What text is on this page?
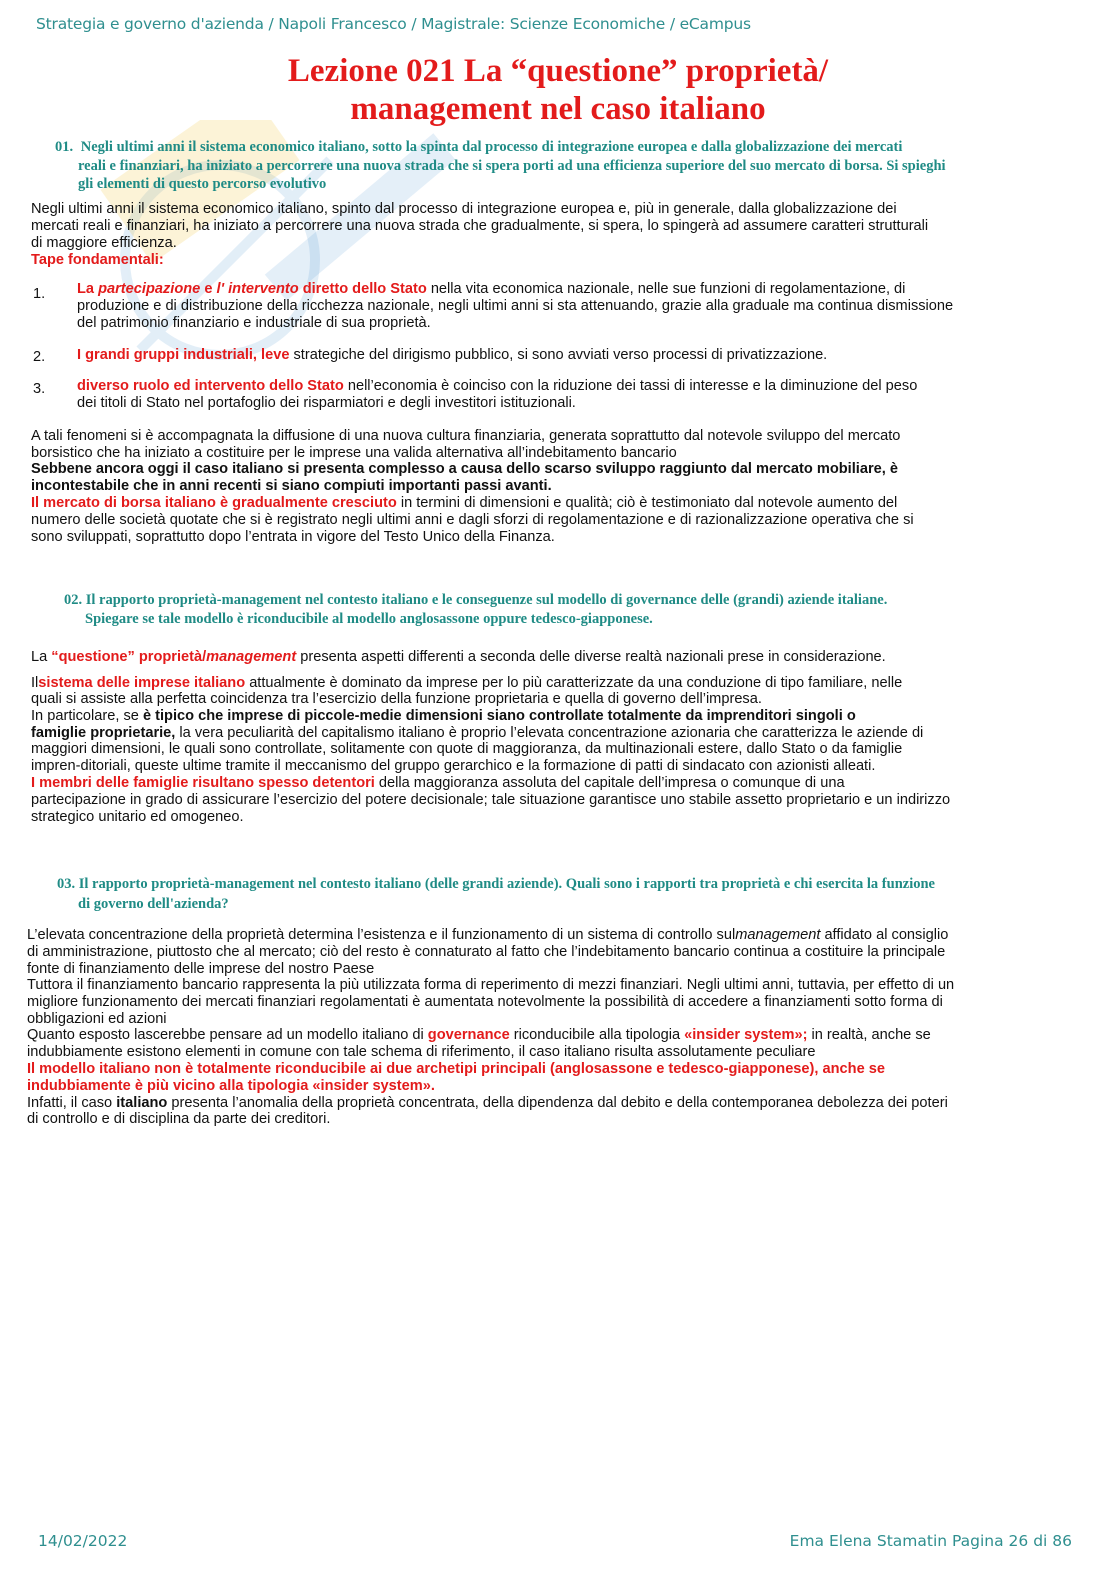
Strategia e governo d'azienda / Napoli Francesco / Magistrale: Scienze Economiche / eCampus
Lezione 021 La “questione” proprietà/
management nel caso italiano
01. Negli ultimi anni il sistema economico italiano, sotto la spinta dal processo di integrazione europea e dalla globalizzazione dei mercati
reali e finanziari, ha iniziato a percorrere una nuova strada che si spera porti ad una efficienza superiore del suo mercato di borsa. Si spieghi
gli elementi di questo percorso evolutivo
Negli ultimi anni il sistema economico italiano, spinto dal processo di integrazione europea e, più in generale, dalla globalizzazione dei
mercati reali e finanziari, ha iniziato a percorrere una nuova strada che gradualmente, si spera, lo spingerà ad assumere caratteri strutturali
di maggiore efficienza.
Tape fondamentali:
1. La partecipazione e l' intervento diretto dello Stato nella vita economica nazionale, nelle sue funzioni di regolamentazione, di
produzione e di distribuzione della ricchezza nazionale, negli ultimi anni si sta attenuando, grazie alla graduale ma continua dismissione
del patrimonio finanziario e industriale di sua proprietà.
2. I grandi gruppi industriali, leve strategiche del dirigismo pubblico, si sono avviati verso processi di privatizzazione.
3. diverso ruolo ed intervento dello Stato nell’economia è coinciso con la riduzione dei tassi di interesse e la diminuzione del peso
dei titoli di Stato nel portafoglio dei risparmiatori e degli investitori istituzionali.
A tali fenomeni si è accompagnata la diffusione di una nuova cultura finanziaria, generata soprattutto dal notevole sviluppo del mercato
borsistico che ha iniziato a costituire per le imprese una valida alternativa all’indebitamento bancario
Sebbene ancora oggi il caso italiano si presenta complesso a causa dello scarso sviluppo raggiunto dal mercato mobiliare, è
incontestabile che in anni recenti si siano compiuti importanti passi avanti.
Il mercato di borsa italiano è gradualmente cresciuto in termini di dimensioni e qualità; ciò è testimoniato dal notevole aumento del
numero delle società quotate che si è registrato negli ultimi anni e dagli sforzi di regolamentazione e di razionalizzazione operativa che si
sono sviluppati, soprattutto dopo l’entrata in vigore del Testo Unico della Finanza.
02. Il rapporto proprietà-management nel contesto italiano e le conseguenze sul modello di governance delle (grandi) aziende italiane.
Spiegare se tale modello è riconducibile al modello anglosassone oppure tedesco-giapponese.
La “questione” proprietà/management presenta aspetti differenti a seconda delle diverse realtà nazionali prese in considerazione.
Ilsistema delle imprese italiano attualmente è dominato da imprese per lo più caratterizzate da una conduzione di tipo familiare, nelle
quali si assiste alla perfetta coincidenza tra l’esercizio della funzione proprietaria e quella di governo dell’impresa.
In particolare, se è tipico che imprese di piccole-medie dimensioni siano controllate totalmente da imprenditori singoli o
famiglie proprietarie, la vera peculiarità del capitalismo italiano è proprio l’elevata concentrazione azionaria che caratterizza le aziende di
maggiori dimensioni, le quali sono controllate, solitamente con quote di maggioranza, da multinazionali estere, dallo Stato o da famiglie
impren-ditoriali, queste ultime tramite il meccanismo del gruppo gerarchico e la formazione di patti di sindacato con azionisti alleati.
I membri delle famiglie risultano spesso detentori della maggioranza assoluta del capitale dell’impresa o comunque di una
partecipazione in grado di assicurare l’esercizio del potere decisionale; tale situazione garantisce uno stabile assetto proprietario e un indirizzo
strategico unitario ed omogeneo.
03. Il rapporto proprietà-management nel contesto italiano (delle grandi aziende). Quali sono i rapporti tra proprietà e chi esercita la funzione
di governo dell'azienda?
L’elevata concentrazione della proprietà determina l’esistenza e il funzionamento di un sistema di controllo sulmanagement affidato al consiglio
di amministrazione, piuttosto che al mercato; ciò del resto è connaturato al fatto che l’indebitamento bancario continua a costituire la principale
fonte di finanziamento delle imprese del nostro Paese
Tuttora il finanziamento bancario rappresenta la più utilizzata forma di reperimento di mezzi finanziari. Negli ultimi anni, tuttavia, per effetto di un
migliore funzionamento dei mercati finanziari regolamentati è aumentata notevolmente la possibilità di accedere a finanziamenti sotto forma di
obbligazioni ed azioni
Quanto esposto lascerebbe pensare ad un modello italiano di governance riconducibile alla tipologia «insider system»; in realtà, anche se
indubbiamente esistono elementi in comune con tale schema di riferimento, il caso italiano risulta assolutamente peculiare
Il modello italiano non è totalmente riconducibile ai due archetipi principali (anglosassone e tedesco-giapponese), anche se
indubbiamente è più vicino alla tipologia «insider system».
Infatti, il caso italiano presenta l’anomalia della proprietà concentrata, della dipendenza dal debito e della contemporanea debolezza dei poteri
di controllo e di disciplina da parte dei creditori.
14/02/2022	Ema Elena Stamatin Pagina 26 di 86
